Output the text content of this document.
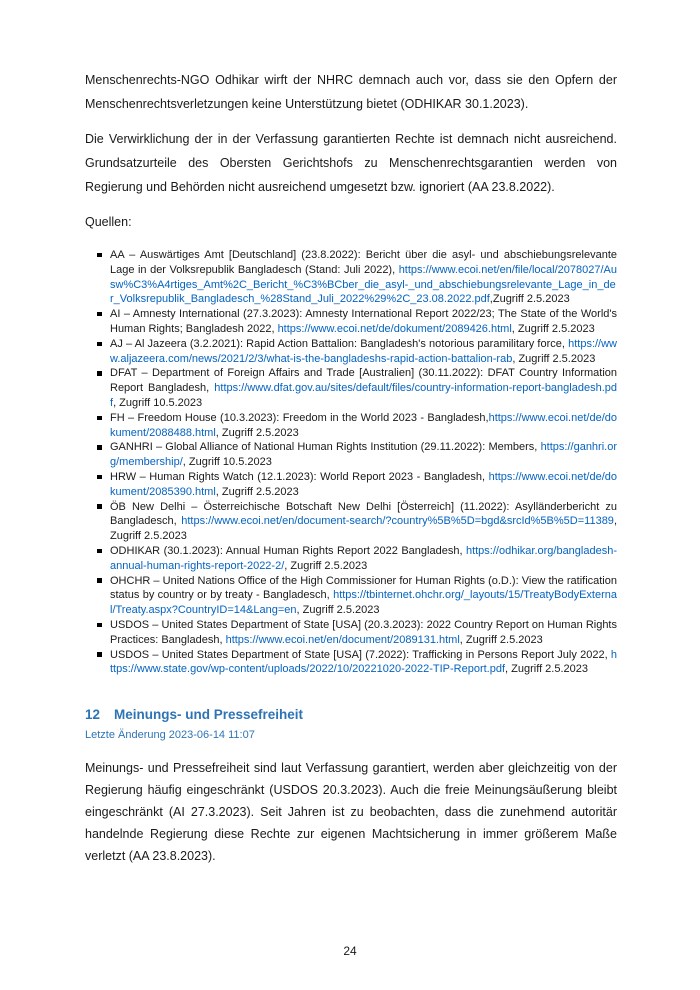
Menschenrechts-NGO Odhikar wirft der NHRC demnach auch vor, dass sie den Opfern der Menschenrechtsverletzungen keine Unterstützung bietet (ODHIKAR 30.1.2023).

Die Verwirklichung der in der Verfassung garantierten Rechte ist demnach nicht ausreichend. Grundsatzurteile des Obersten Gerichtshofs zu Menschenrechtsgarantien werden von Regierung und Behörden nicht ausreichend umgesetzt bzw. ignoriert (AA 23.8.2022).

Quellen:

AA – Auswärtiges Amt [Deutschland] (23.8.2022): Bericht über die asyl- und abschiebungsrelevante Lage in der Volksrepublik Bangladesch (Stand: Juli 2022), https://www.ecoi.net/en/file/local/2078027/Ausw%C3%A4rtiges_Amt%2C_Bericht_%C3%BCber_die_asyl-_und_abschiebungsrelevante_Lage_in_der_Volksrepublik_Bangladesch_%28Stand_Juli_2022%29%2C_23.08.2022.pdf,Zugriff 2.5.2023
AI – Amnesty International (27.3.2023): Amnesty International Report 2022/23; The State of the World's Human Rights; Bangladesh 2022, https://www.ecoi.net/de/dokument/2089426.html, Zugriff 2.5.2023
AJ – Al Jazeera (3.2.2021): Rapid Action Battalion: Bangladesh's notorious paramilitary force, https://www.aljazeera.com/news/2021/2/3/what-is-the-bangladeshs-rapid-action-battalion-rab, Zugriff 2.5.2023
DFAT – Department of Foreign Affairs and Trade [Australien] (30.11.2022): DFAT Country Information Report Bangladesh, https://www.dfat.gov.au/sites/default/files/country-information-report-bangladesh.pdf, Zugriff 10.5.2023
FH – Freedom House (10.3.2023): Freedom in the World 2023 - Bangladesh,https://www.ecoi.net/de/dokument/2088488.html, Zugriff 2.5.2023
GANHRI – Global Alliance of National Human Rights Institution (29.11.2022): Members, https://ganhri.org/membership/, Zugriff 10.5.2023
HRW – Human Rights Watch (12.1.2023): World Report 2023 - Bangladesh, https://www.ecoi.net/de/dokument/2085390.html, Zugriff 2.5.2023
ÖB New Delhi – Österreichische Botschaft New Delhi [Österreich] (11.2022): Asylländerbericht zu Bangladesch, https://www.ecoi.net/en/document-search/?country%5B%5D=bgd&srcId%5B%5D=11389, Zugriff 2.5.2023
ODHIKAR (30.1.2023): Annual Human Rights Report 2022 Bangladesh, https://odhikar.org/bangladesh-annual-human-rights-report-2022-2/, Zugriff 2.5.2023
OHCHR – United Nations Office of the High Commissioner for Human Rights (o.D.): View the ratification status by country or by treaty - Bangladesch, https://tbinternet.ohchr.org/_layouts/15/TreatyBodyExternal/Treaty.aspx?CountryID=14&Lang=en, Zugriff 2.5.2023
USDOS – United States Department of State [USA] (20.3.2023): 2022 Country Report on Human Rights Practices: Bangladesh, https://www.ecoi.net/en/document/2089131.html, Zugriff 2.5.2023
USDOS – United States Department of State [USA] (7.2022): Trafficking in Persons Report July 2022, https://www.state.gov/wp-content/uploads/2022/10/20221020-2022-TIP-Report.pdf, Zugriff 2.5.2023
12 Meinungs- und Pressefreiheit
Letzte Änderung 2023-06-14 11:07

Meinungs- und Pressefreiheit sind laut Verfassung garantiert, werden aber gleichzeitig von der Regierung häufig eingeschränkt (USDOS 20.3.2023). Auch die freie Meinungsäußerung bleibt eingeschränkt (AI 27.3.2023). Seit Jahren ist zu beobachten, dass die zunehmend autoritär handelnde Regierung diese Rechte zur eigenen Machtsicherung in immer größerem Maße verletzt (AA 23.8.2023).

24
